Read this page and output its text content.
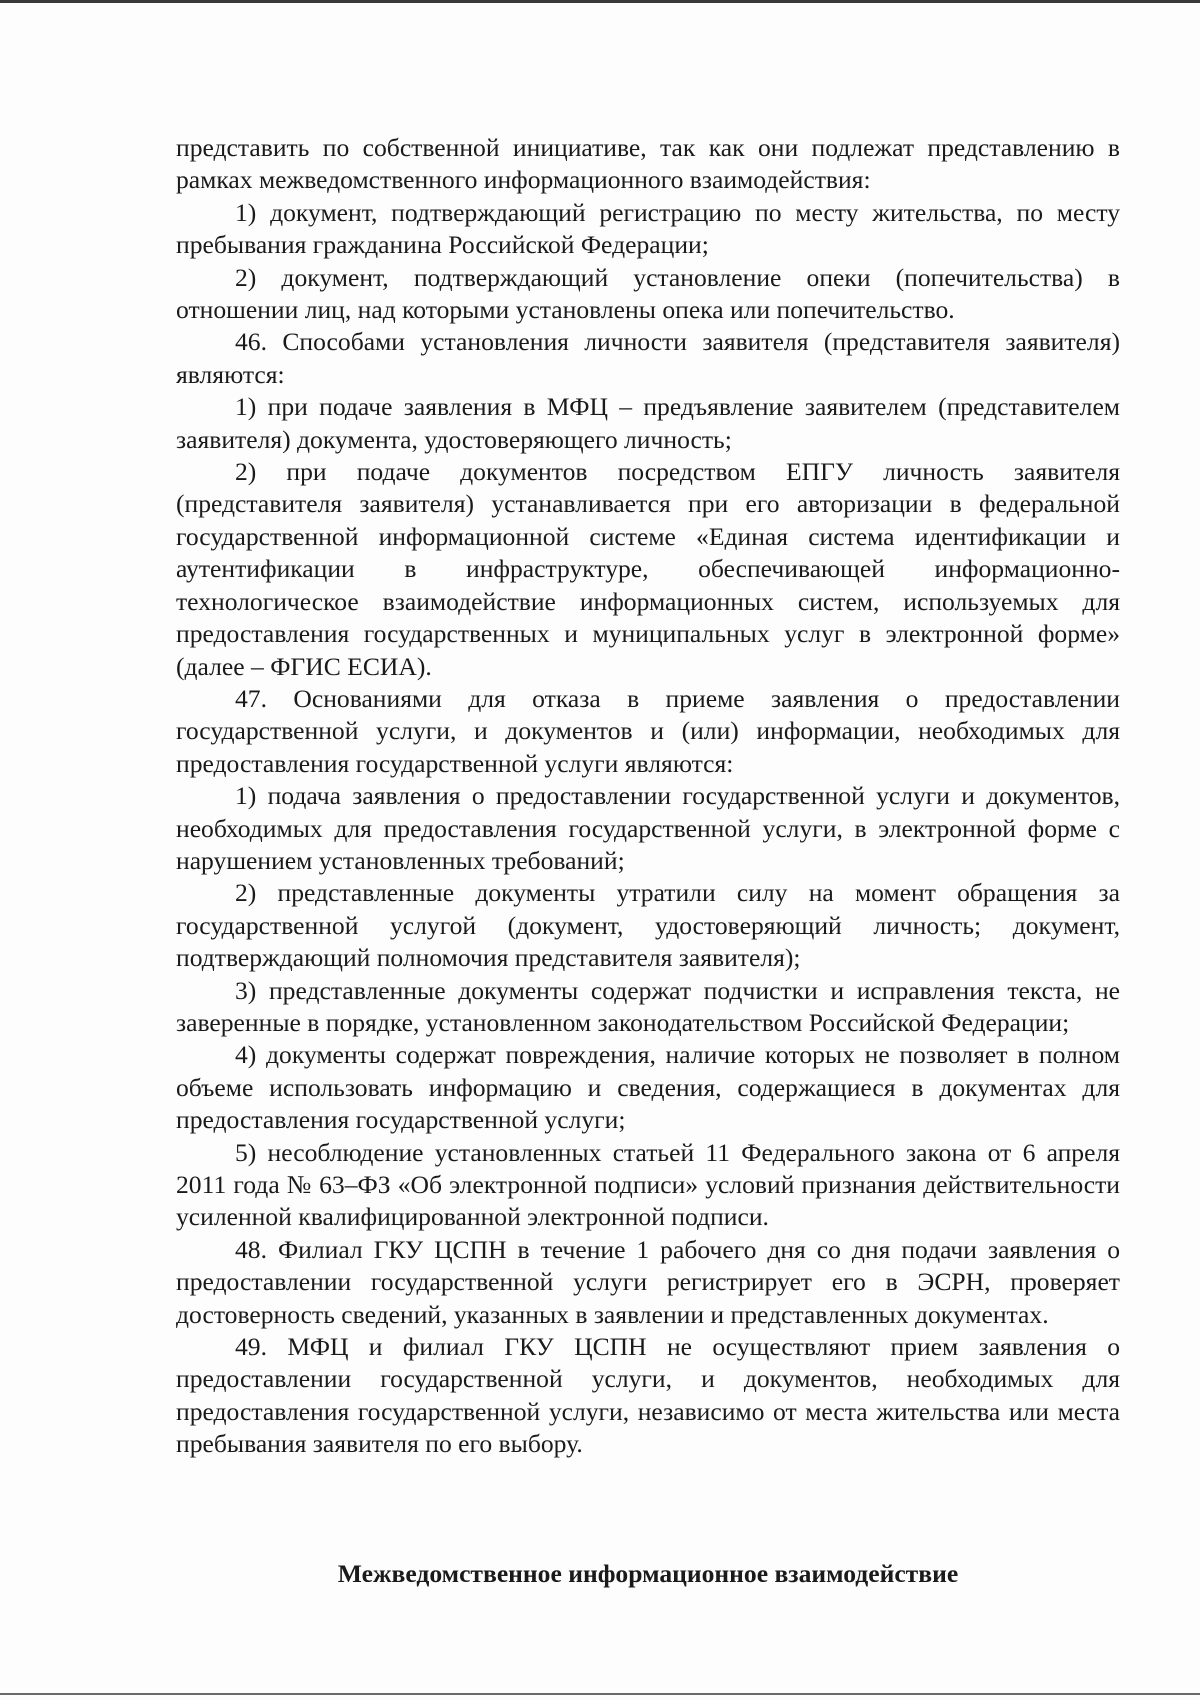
представить по собственной инициативе, так как они подлежат представлению в рамках межведомственного информационного взаимодействия:

1) документ, подтверждающий регистрацию по месту жительства, по месту пребывания гражданина Российской Федерации;

2) документ, подтверждающий установление опеки (попечительства) в отношении лиц, над которыми установлены опека или попечительство.

46. Способами установления личности заявителя (представителя заявителя) являются:

1) при подаче заявления в МФЦ – предъявление заявителем (представителем заявителя) документа, удостоверяющего личность;

2) при подаче документов посредством ЕПГУ личность заявителя (представителя заявителя) устанавливается при его авторизации в федеральной государственной информационной системе «Единая система идентификации и аутентификации в инфраструктуре, обеспечивающей информационно-технологическое взаимодействие информационных систем, используемых для предоставления государственных и муниципальных услуг в электронной форме» (далее – ФГИС ЕСИА).

47. Основаниями для отказа в приеме заявления о предоставлении государственной услуги, и документов и (или) информации, необходимых для предоставления государственной услуги являются:

1) подача заявления о предоставлении государственной услуги и документов, необходимых для предоставления государственной услуги, в электронной форме с нарушением установленных требований;

2) представленные документы утратили силу на момент обращения за государственной услугой (документ, удостоверяющий личность; документ, подтверждающий полномочия представителя заявителя);

3) представленные документы содержат подчистки и исправления текста, не заверенные в порядке, установленном законодательством Российской Федерации;

4) документы содержат повреждения, наличие которых не позволяет в полном объеме использовать информацию и сведения, содержащиеся в документах для предоставления государственной услуги;

5) несоблюдение установленных статьей 11 Федерального закона от 6 апреля 2011 года № 63–ФЗ «Об электронной подписи» условий признания действительности усиленной квалифицированной электронной подписи.

48. Филиал ГКУ ЦСПН в течение 1 рабочего дня со дня подачи заявления о предоставлении государственной услуги регистрирует его в ЭСРН, проверяет достоверность сведений, указанных в заявлении и представленных документах.

49. МФЦ и филиал ГКУ ЦСПН не осуществляют прием заявления о предоставлении государственной услуги, и документов, необходимых для предоставления государственной услуги, независимо от места жительства или места пребывания заявителя по его выбору.

Межведомственное информационное взаимодействие
